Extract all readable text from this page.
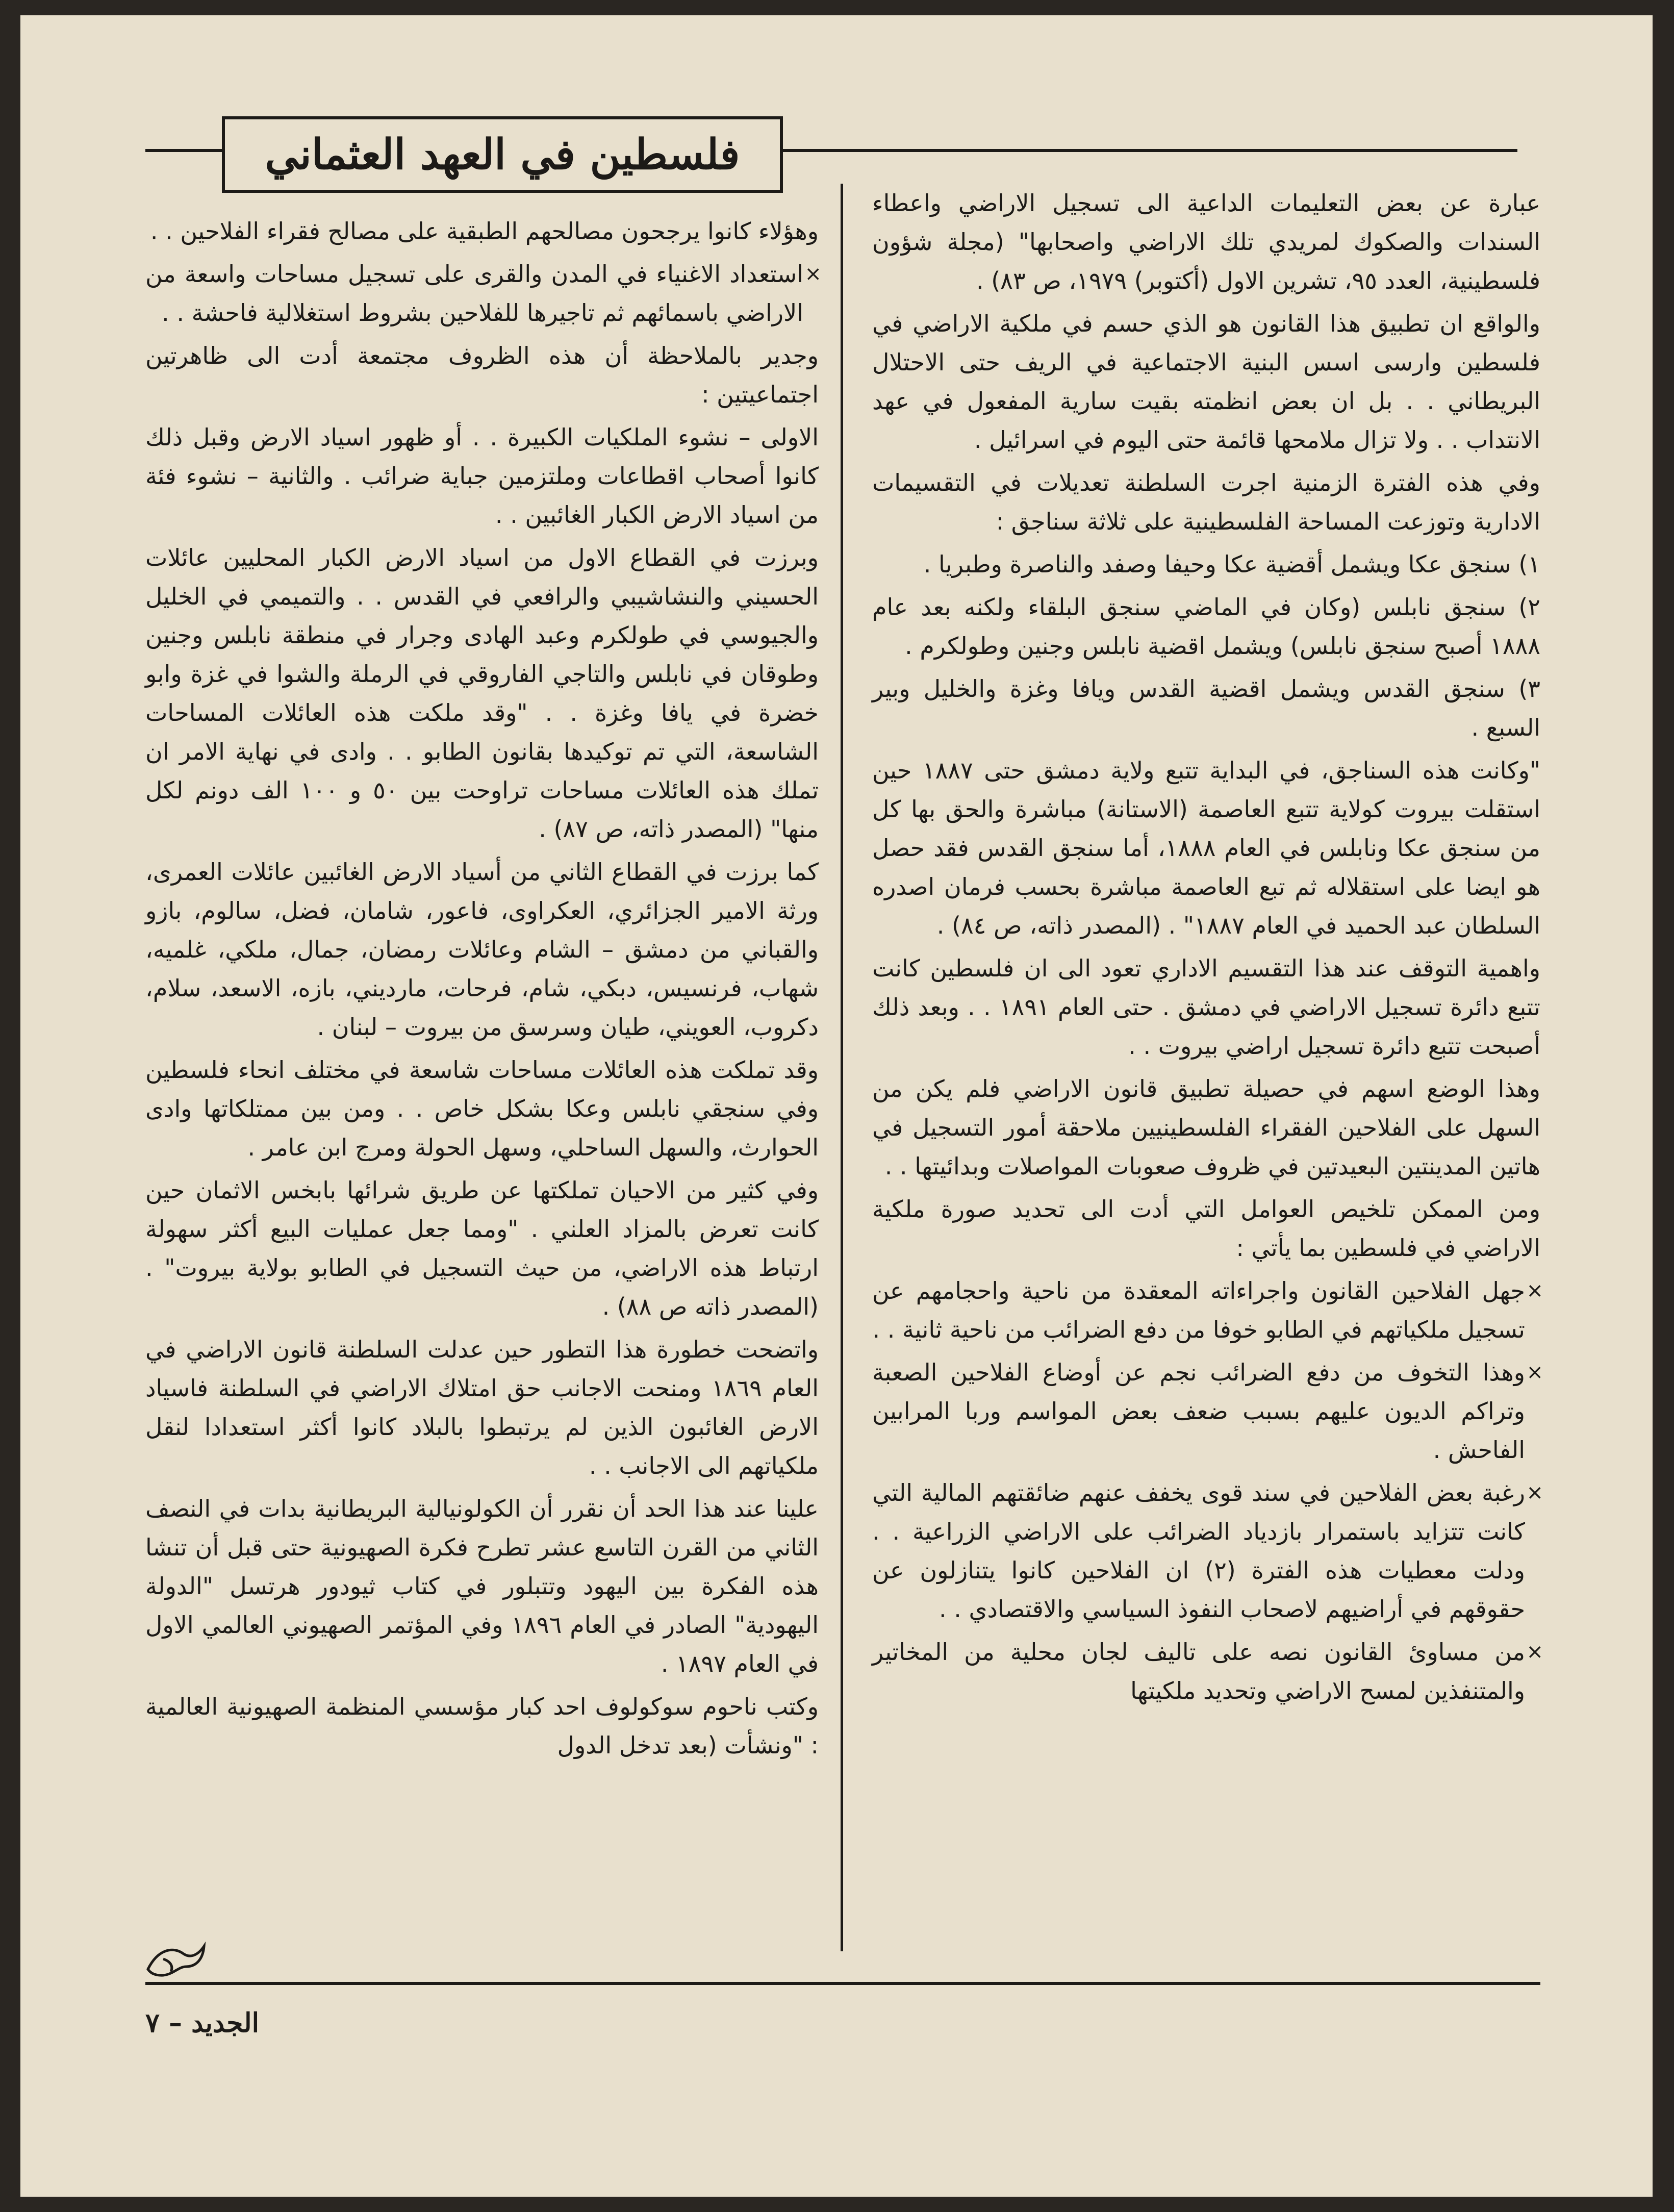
فلسطين في العهد العثماني

عبارة عن بعض التعليمات الداعية الى تسجيل الاراضي واعطاء السندات والصكوك لمريدي تلك الاراضي واصحابها" (مجلة شؤون فلسطينية، العدد ٩٥، تشرين الاول (أكتوبر) ١٩٧٩، ص ٨٣) .

والواقع ان تطبيق هذا القانون هو الذي حسم في ملكية الاراضي في فلسطين وارسى اسس البنية الاجتماعية في الريف حتى الاحتلال البريطاني . . بل ان بعض انظمته بقيت سارية المفعول في عهد الانتداب . . ولا تزال ملامحها قائمة حتى اليوم في اسرائيل .

وفي هذه الفترة الزمنية اجرت السلطنة تعديلات في التقسيمات الادارية وتوزعت المساحة الفلسطينية على ثلاثة سناجق :

١) سنجق عكا ويشمل أقضية عكا وحيفا وصفد والناصرة وطبريا .

٢) سنجق نابلس (وكان في الماضي سنجق البلقاء ولكنه بعد عام ١٨٨٨ أصبح سنجق نابلس) ويشمل اقضية نابلس وجنين وطولكرم .

٣) سنجق القدس ويشمل اقضية القدس ويافا وغزة والخليل وبير السبع .

"وكانت هذه السناجق، في البداية تتبع ولاية دمشق حتى ١٨٨٧ حين استقلت بيروت كولاية تتبع العاصمة (الاستانة) مباشرة والحق بها كل من سنجق عكا ونابلس في العام ١٨٨٨، أما سنجق القدس فقد حصل هو ايضا على استقلاله ثم تبع العاصمة مباشرة بحسب فرمان اصدره السلطان عبد الحميد في العام ١٨٨٧" . (المصدر ذاته، ص ٨٤) .

واهمية التوقف عند هذا التقسيم الاداري تعود الى ان فلسطين كانت تتبع دائرة تسجيل الاراضي في دمشق . حتى العام ١٨٩١ . . وبعد ذلك أصبحت تتبع دائرة تسجيل اراضي بيروت . .

وهذا الوضع اسهم في حصيلة تطبيق قانون الاراضي فلم يكن من السهل على الفلاحين الفقراء الفلسطينيين ملاحقة أمور التسجيل في هاتين المدينتين البعيدتين في ظروف صعوبات المواصلات وبدائيتها . .

ومن الممكن تلخيص العوامل التي أدت الى تحديد صورة ملكية الاراضي في فلسطين بما يأتي :

× جهل الفلاحين القانون واجراءاته المعقدة من ناحية واحجامهم عن تسجيل ملكياتهم في الطابو خوفا من دفع الضرائب من ناحية ثانية . .

× وهذا التخوف من دفع الضرائب نجم عن أوضاع الفلاحين الصعبة وتراكم الديون عليهم بسبب ضعف بعض المواسم وربا المرابين الفاحش .

× رغبة بعض الفلاحين في سند قوى يخفف عنهم ضائقتهم المالية التي كانت تتزايد باستمرار بازدياد الضرائب على الاراضي الزراعية . . ودلت معطيات هذه الفترة (٢) ان الفلاحين كانوا يتنازلون عن حقوقهم في أراضيهم لاصحاب النفوذ السياسي والاقتصادي . .

× من مساوئ القانون نصه على تاليف لجان محلية من المخاتير والمتنفذين لمسح الاراضي وتحديد ملكيتها

وهؤلاء كانوا يرجحون مصالحهم الطبقية على مصالح فقراء الفلاحين . .

× استعداد الاغنياء في المدن والقرى على تسجيل مساحات واسعة من الاراضي باسمائهم ثم تاجيرها للفلاحين بشروط استغلالية فاحشة . .

وجدير بالملاحظة أن هذه الظروف مجتمعة أدت الى ظاهرتين اجتماعيتين :

الاولى – نشوء الملكيات الكبيرة . . أو ظهور اسياد الارض وقبل ذلك كانوا أصحاب اقطاعات وملتزمين جباية ضرائب . والثانية – نشوء فئة من اسياد الارض الكبار الغائبين . .

وبرزت في القطاع الاول من اسياد الارض الكبار المحليين عائلات الحسيني والنشاشيبي والرافعي في القدس . . والتميمي في الخليل والجيوسي في طولكرم وعبد الهادى وجرار في منطقة نابلس وجنين وطوقان في نابلس والتاجي الفاروقي في الرملة والشوا في غزة وابو خضرة في يافا وغزة . . "وقد ملكت هذه العائلات المساحات الشاسعة، التي تم توكيدها بقانون الطابو . . وادى في نهاية الامر ان تملك هذه العائلات مساحات تراوحت بين ٥٠ و ١٠٠ الف دونم لكل منها" (المصدر ذاته، ص ٨٧) .

كما برزت في القطاع الثاني من أسياد الارض الغائبين عائلات العمرى، ورثة الامير الجزائري، العكراوى، فاعور، شامان، فضل، سالوم، بازو والقباني من دمشق – الشام وعائلات رمضان، جمال، ملكي، غلميه، شهاب، فرنسيس، دبكي، شام، فرحات، مارديني، بازه، الاسعد، سلام، دكروب، العويني، طيان وسرسق من بيروت – لبنان .

وقد تملكت هذه العائلات مساحات شاسعة في مختلف انحاء فلسطين وفي سنجقي نابلس وعكا بشكل خاص . . ومن بين ممتلكاتها وادى الحوارث، والسهل الساحلي، وسهل الحولة ومرج ابن عامر .

وفي كثير من الاحيان تملكتها عن طريق شرائها بابخس الاثمان حين كانت تعرض بالمزاد العلني . "ومما جعل عمليات البيع أكثر سهولة ارتباط هذه الاراضي، من حيث التسجيل في الطابو بولاية بيروت" . (المصدر ذاته ص ٨٨) .

واتضحت خطورة هذا التطور حين عدلت السلطنة قانون الاراضي في العام ١٨٦٩ ومنحت الاجانب حق امتلاك الاراضي في السلطنة فاسياد الارض الغائبون الذين لم يرتبطوا بالبلاد كانوا أكثر استعدادا لنقل ملكياتهم الى الاجانب . .

علينا عند هذا الحد أن نقرر أن الكولونيالية البريطانية بدات في النصف الثاني من القرن التاسع عشر تطرح فكرة الصهيونية حتى قبل أن تنشا هذه الفكرة بين اليهود وتتبلور في كتاب ثيودور هرتسل "الدولة اليهودية" الصادر في العام ١٨٩٦ وفي المؤتمر الصهيوني العالمي الاول في العام ١٨٩٧ .

وكتب ناحوم سوكولوف احد كبار مؤسسي المنظمة الصهيونية العالمية : "ونشأت (بعد تدخل الدول

الجديد – ٧
